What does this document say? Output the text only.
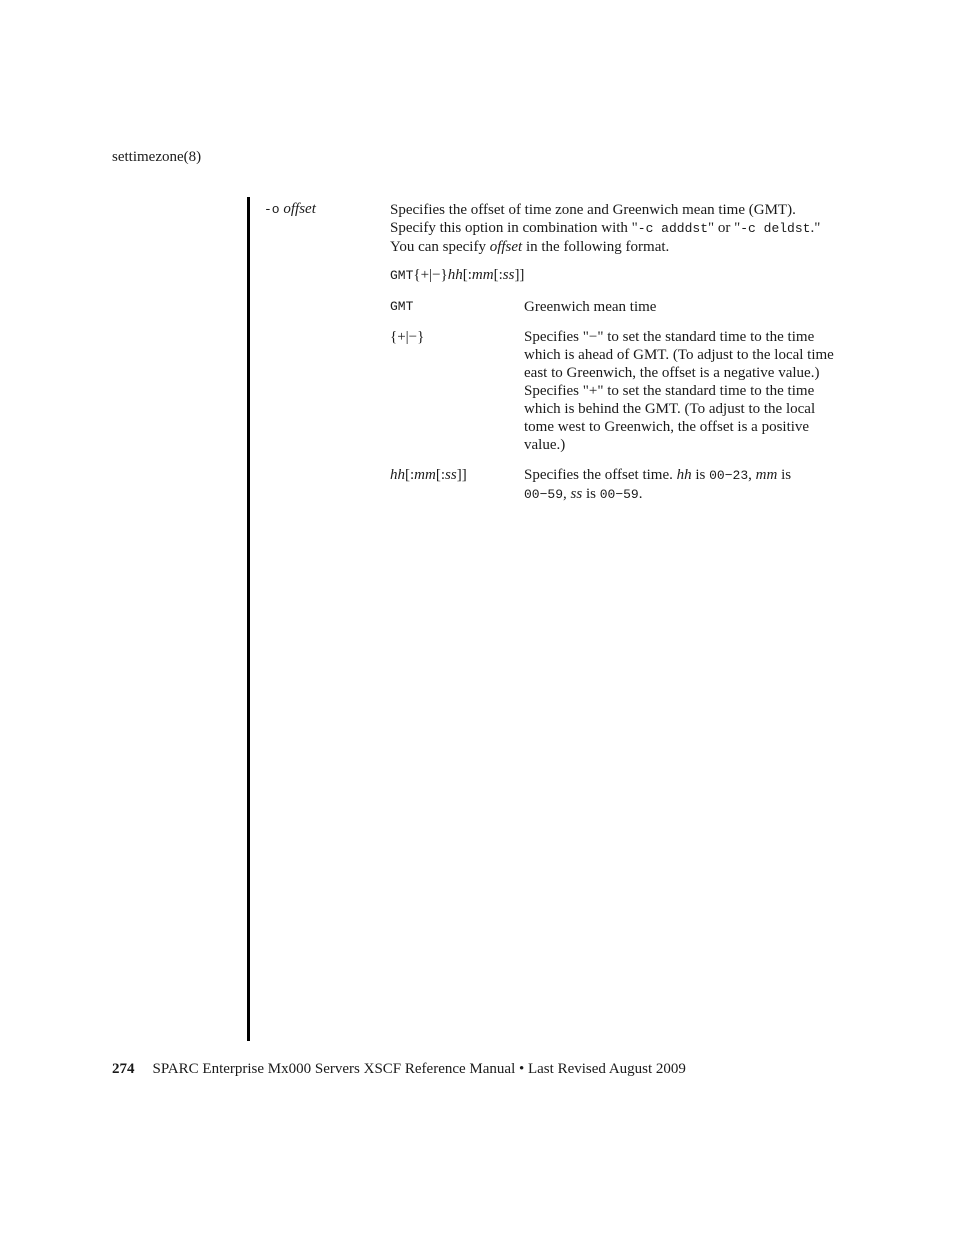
settimezone(8)
-o offset	Specifies the offset of time zone and Greenwich mean time (GMT). Specify this option in combination with "-c adddst" or "-c deldst." You can specify offset in the following format.
GMT{+|−}hh[:mm[:ss]]
GMT	Greenwich mean time
{+|−}	Specifies "−" to set the standard time to the time which is ahead of GMT. (To adjust to the local time east to Greenwich, the offset is a negative value.) Specifies "+" to set the standard time to the time which is behind the GMT. (To adjust to the local tome west to Greenwich, the offset is a positive value.)
hh[:mm[:ss]]	Specifies the offset time. hh is 00−23, mm is 00−59, ss is 00−59.
274 SPARC Enterprise Mx000 Servers XSCF Reference Manual • Last Revised August 2009
